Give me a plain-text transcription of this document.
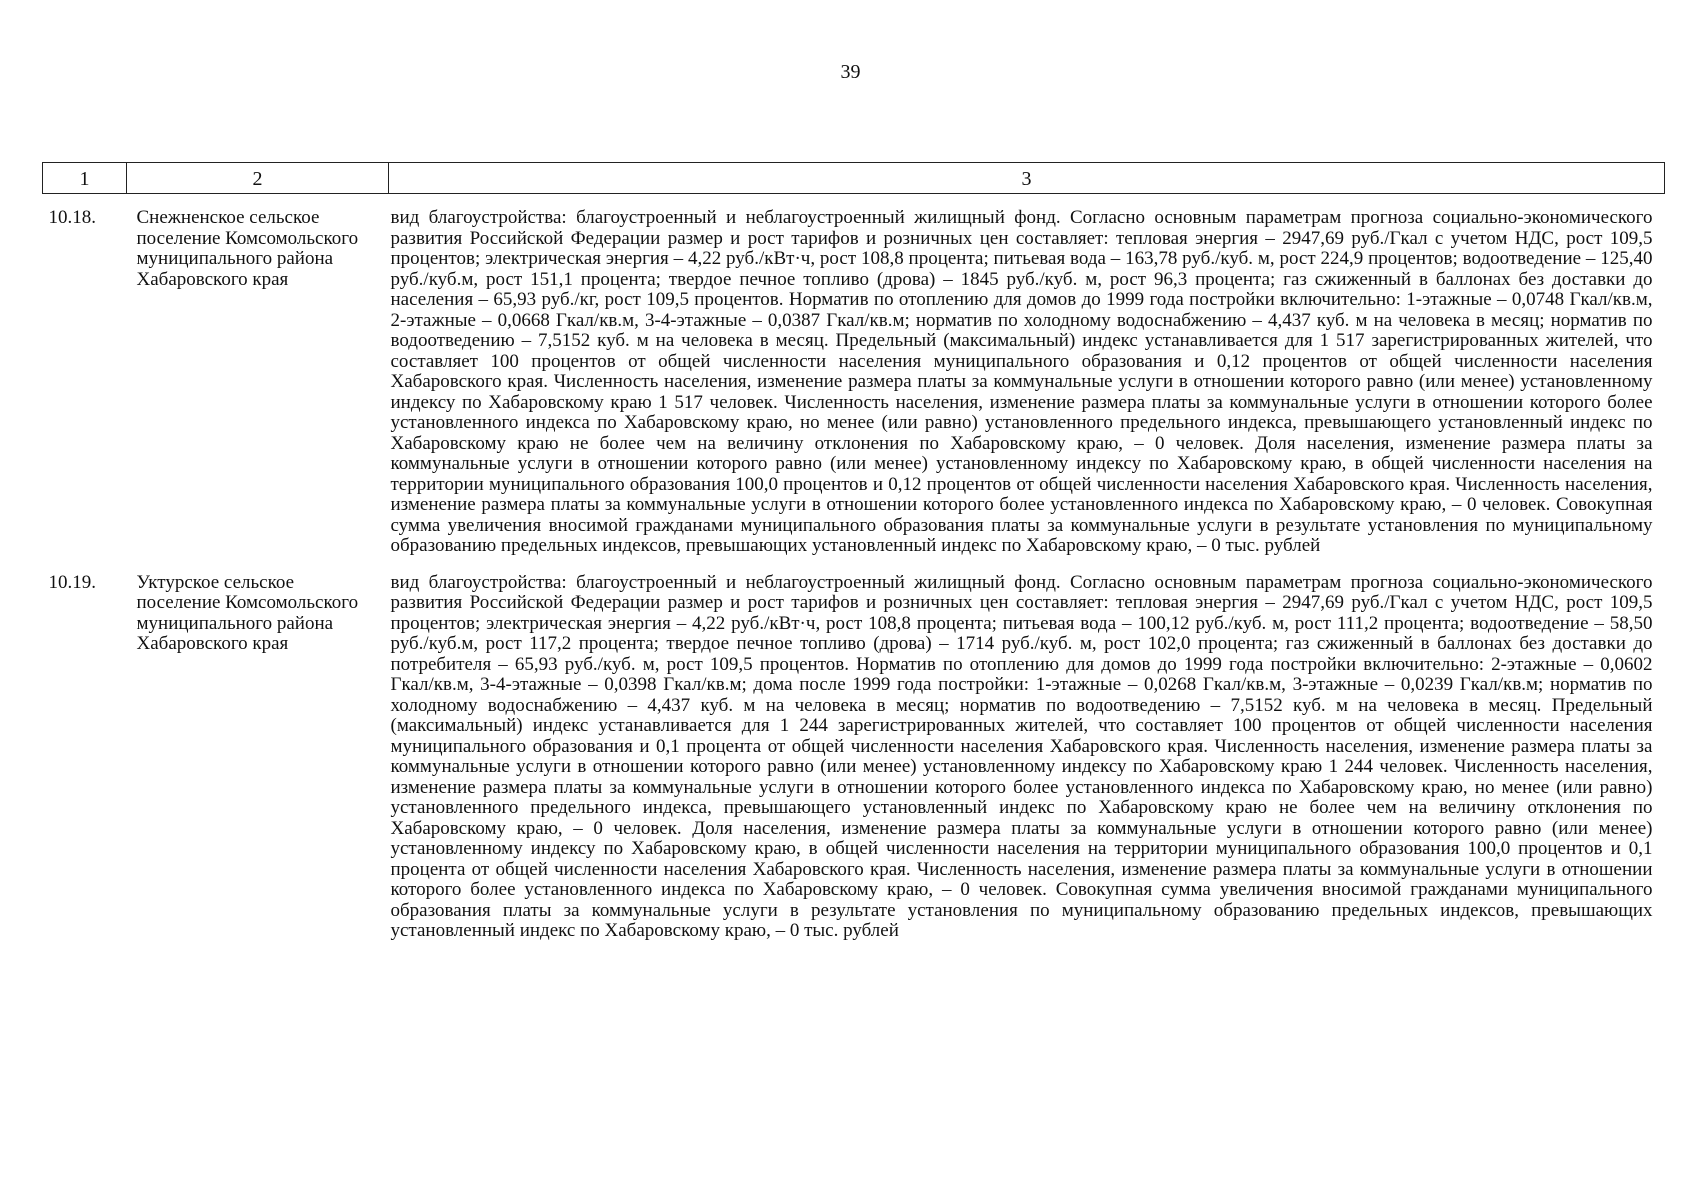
39
1	2	3

10.18.	Снежненское сельское поселение Комсомольского муниципального района Хабаровского края	вид благоустройства: благоустроенный и неблагоустроенный жилищный фонд. Согласно основным параметрам прогноза социально-экономического развития Российской Федерации размер и рост тарифов и розничных цен составляет: тепловая энергия – 2947,69 руб./Гкал с учетом НДС, рост 109,5 процентов; электрическая энергия – 4,22 руб./кВт·ч, рост 108,8 процента; питьевая вода – 163,78 руб./куб. м, рост 224,9 процентов; водоотведение – 125,40 руб./куб.м, рост 151,1 процента; твердое печное топливо (дрова) – 1845 руб./куб. м, рост 96,3 процента; газ сжиженный в баллонах без доставки до населения – 65,93 руб./кг, рост 109,5 процентов. Норматив по отоплению для домов до 1999 года постройки включительно: 1-этажные – 0,0748 Гкал/кв.м, 2-этажные – 0,0668 Гкал/кв.м, 3-4-этажные – 0,0387 Гкал/кв.м; норматив по холодному водоснабжению – 4,437 куб. м на человека в месяц; норматив по водоотведению – 7,5152 куб. м на человека в месяц. Предельный (максимальный) индекс устанавливается для 1 517 зарегистрированных жителей, что составляет 100 процентов от общей численности населения муниципального образования и 0,12 процентов от общей численности населения Хабаровского края. Численность населения, изменение размера платы за коммунальные услуги в отношении которого равно (или менее) установленному индексу по Хабаровскому краю 1 517 человек. Численность населения, изменение размера платы за коммунальные услуги в отношении которого более установленного индекса по Хабаровскому краю, но менее (или равно) установленного предельного индекса, превышающего установленный индекс по Хабаровскому краю не более чем на величину отклонения по Хабаровскому краю, – 0 человек. Доля населения, изменение размера платы за коммунальные услуги в отношении которого равно (или менее) установленному индексу по Хабаровскому краю, в общей численности населения на территории муниципального образования 100,0 процентов и 0,12 процентов от общей численности населения Хабаровского края. Численность населения, изменение размера платы за коммунальные услуги в отношении которого более установленного индекса по Хабаровскому краю, – 0 человек. Совокупная сумма увеличения вносимой гражданами муниципального образования платы за коммунальные услуги в результате установления по муниципальному образованию предельных индексов, превышающих установленный индекс по Хабаровскому краю, – 0 тыс. рублей
10.19.	Уктурское сельское поселение Комсомольского муниципального района Хабаровского края	вид благоустройства: благоустроенный и неблагоустроенный жилищный фонд. Согласно основным параметрам прогноза социально-экономического развития Российской Федерации размер и рост тарифов и розничных цен составляет: тепловая энергия – 2947,69 руб./Гкал с учетом НДС, рост 109,5 процентов; электрическая энергия – 4,22 руб./кВт·ч, рост 108,8 процента; питьевая вода – 100,12 руб./куб. м, рост 111,2 процента; водоотведение – 58,50 руб./куб.м, рост 117,2 процента; твердое печное топливо (дрова) – 1714 руб./куб. м, рост 102,0 процента; газ сжиженный в баллонах без доставки до потребителя – 65,93 руб./куб. м, рост 109,5 процентов. Норматив по отоплению для домов до 1999 года постройки включительно: 2-этажные – 0,0602 Гкал/кв.м, 3-4-этажные – 0,0398 Гкал/кв.м; дома после 1999 года постройки: 1-этажные – 0,0268 Гкал/кв.м, 3-этажные – 0,0239 Гкал/кв.м; норматив по холодному водоснабжению – 4,437 куб. м на человека в месяц; норматив по водоотведению – 7,5152 куб. м на человека в месяц. Предельный (максимальный) индекс устанавливается для 1 244 зарегистрированных жителей, что составляет 100 процентов от общей численности населения муниципального образования и 0,1 процента от общей численности населения Хабаровского края. Численность населения, изменение размера платы за коммунальные услуги в отношении которого равно (или менее) установленному индексу по Хабаровскому краю 1 244 человек. Численность населения, изменение размера платы за коммунальные услуги в отношении которого более установленного индекса по Хабаровскому краю, но менее (или равно) установленного предельного индекса, превышающего установленный индекс по Хабаровскому краю не более чем на величину отклонения по Хабаровскому краю, – 0 человек. Доля населения, изменение размера платы за коммунальные услуги в отношении которого равно (или менее) установленному индексу по Хабаровскому краю, в общей численности населения на территории муниципального образования 100,0 процентов и 0,1 процента от общей численности населения Хабаровского края. Численность населения, изменение размера платы за коммунальные услуги в отношении которого более установленного индекса по Хабаровскому краю, – 0 человек. Совокупная сумма увеличения вносимой гражданами муниципального образования платы за коммунальные услуги в результате установления по муниципальному образованию предельных индексов, превышающих установленный индекс по Хабаровскому краю, – 0 тыс. рублей
